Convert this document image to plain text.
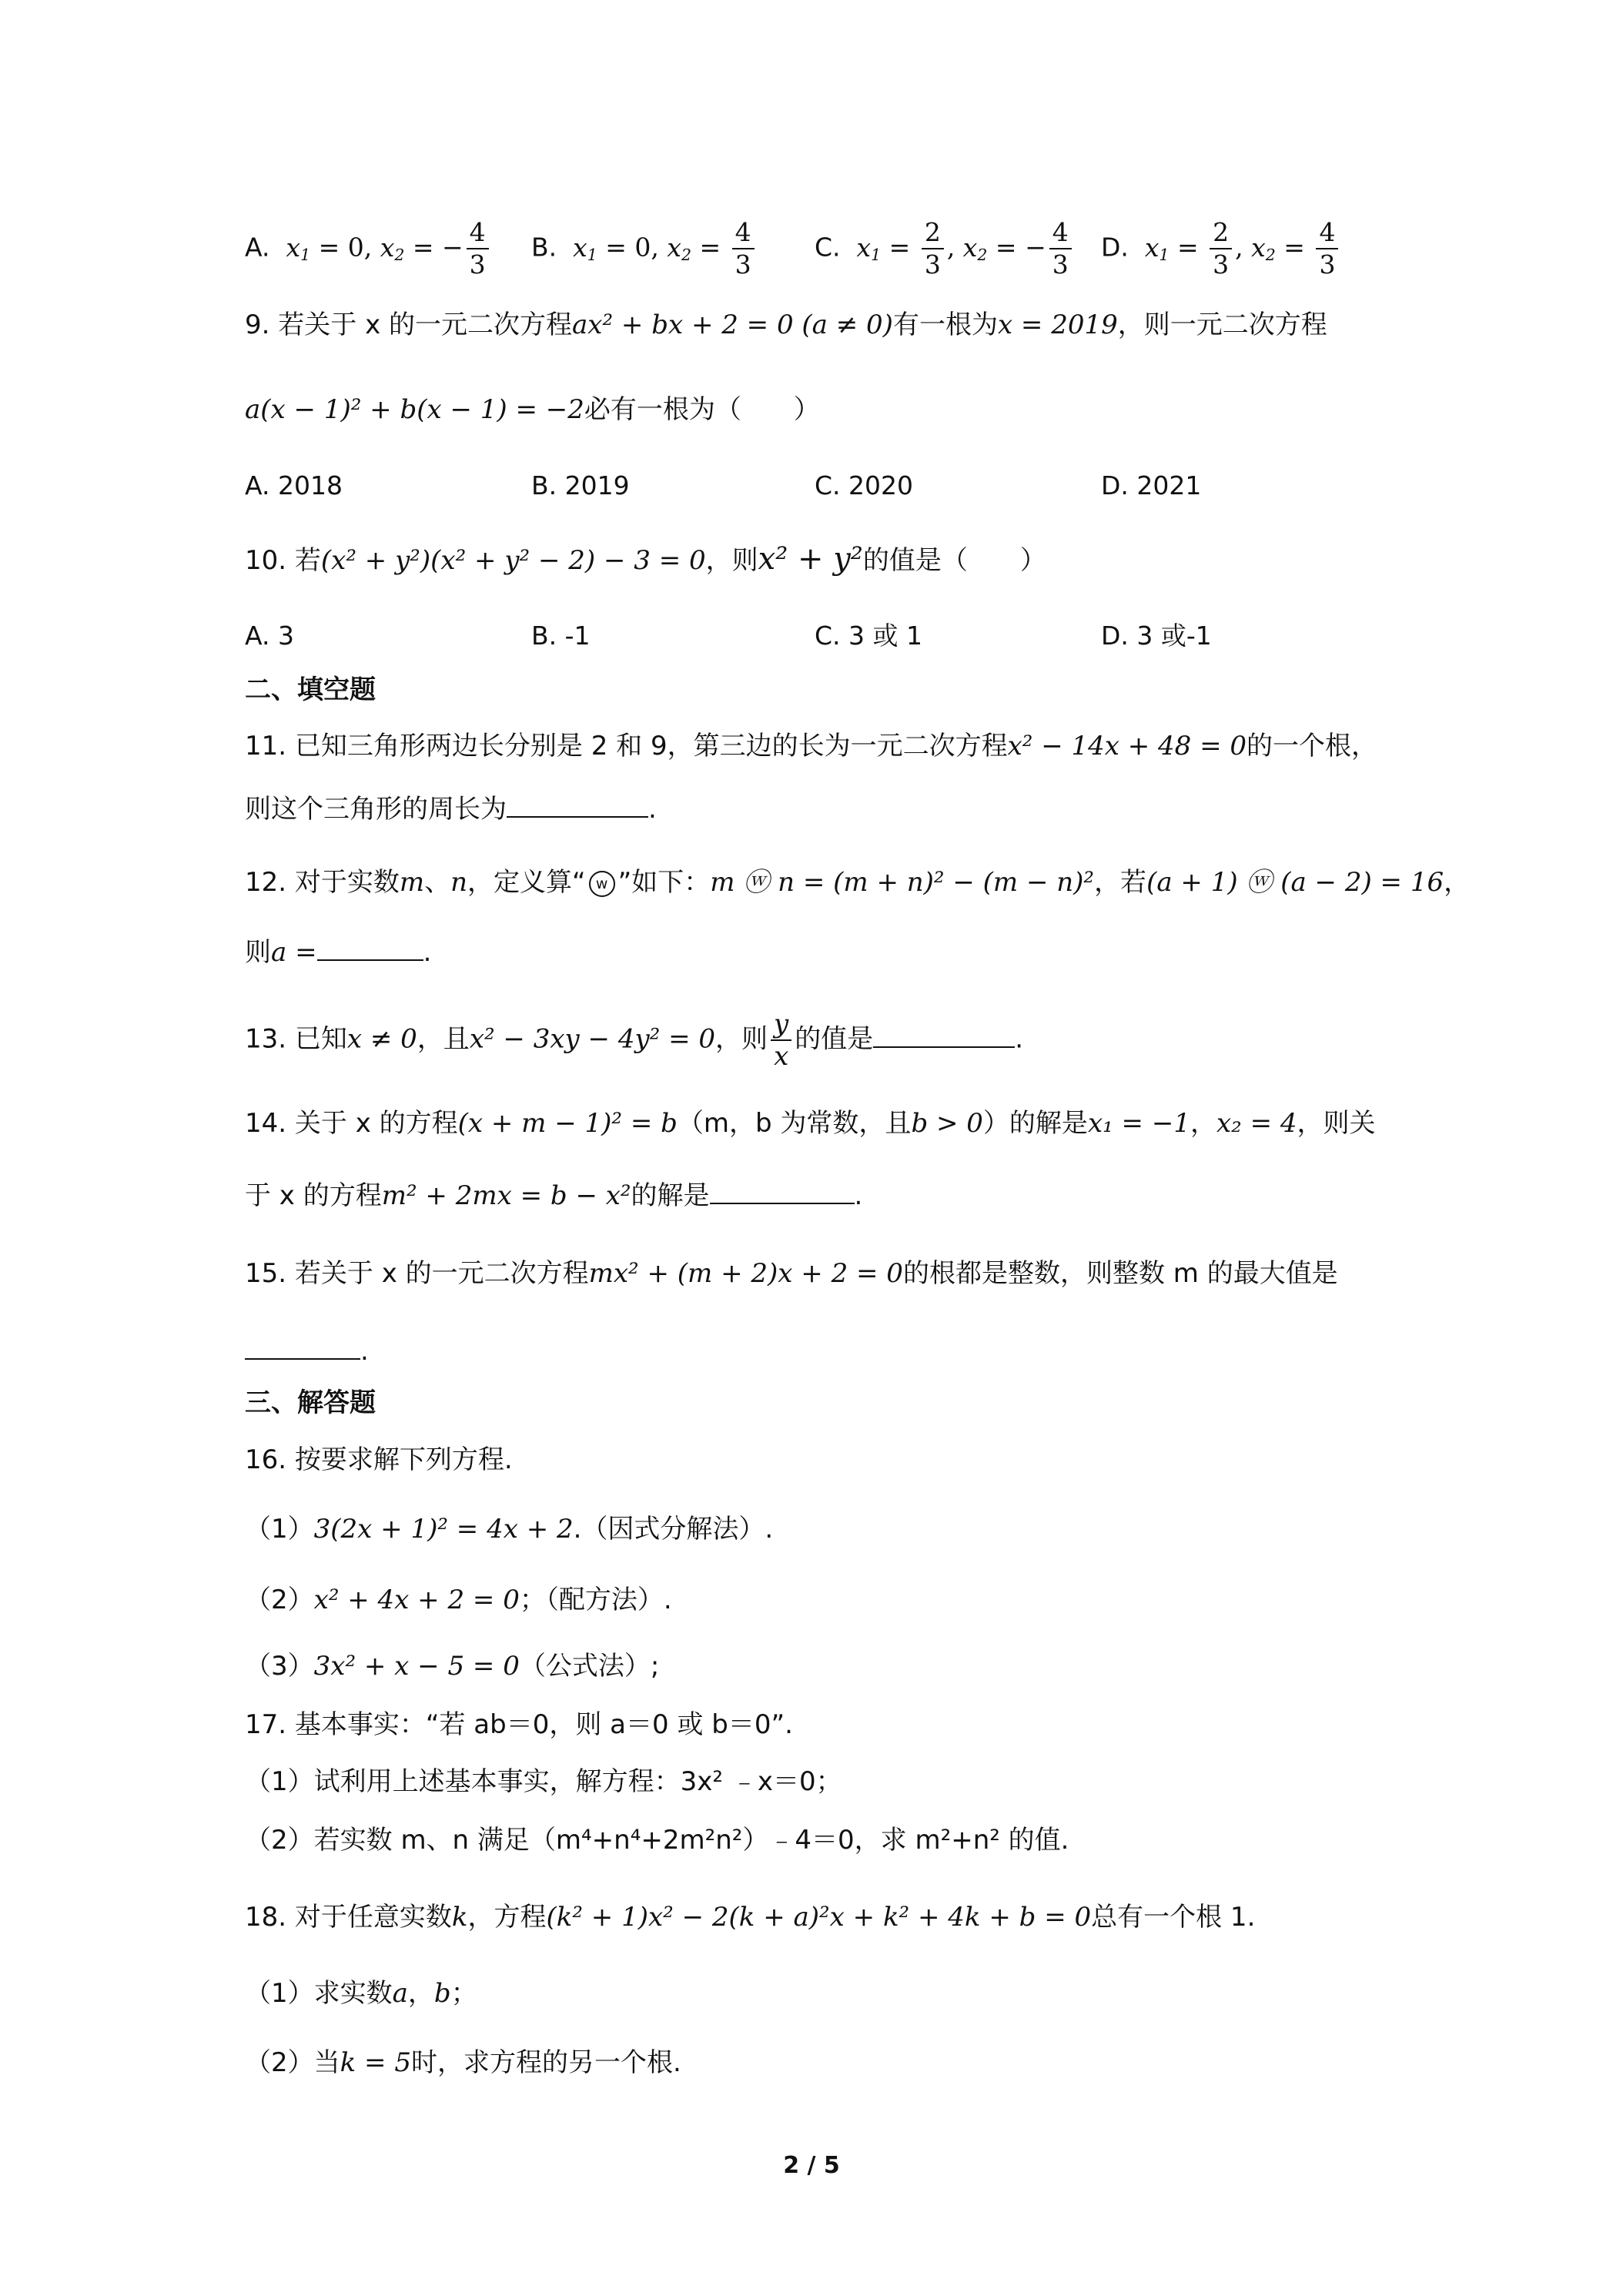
A. $x_1 = 0$, $x_2$ = − $\frac{4}{3} B$. $x_1 = 0$, $x_2 = \frac{4}{3} C$. $x_1 = \frac{2}{3}$ , $x_2$ = − $\frac{4}{3} D$. $x_1 = \frac{2}{3}$ , $x_2 = \frac{4}{3}$
9. 若关于 x 的一元二次方程ax² + bx + 2 = 0 (a ≠ 0)有一根为x = 2019，则一元二次方程
a(x − 1)² + b(x − 1) = −2必有一根为（　　）
A. 2018	B. 2019	C. 2020	D. 2021
10. 若(x² + y²)(x² + y² − 2) − 3 = 0，则x² + y²的值是（　　）
A. 3	B. -1	C. 3 或 1	D. 3 或-1
二、填空题
11. 已知三角形两边长分别是 2 和 9，第三边的长为一元二次方程x² − 14x + 48 = 0的一个根，
则这个三角形的周长为	.
12. 对于实数m、n，定义算“ w ”如下：m ⓦ n = (m + n)² − (m − n)²，若(a + 1) ⓦ (a − 2) = 16，
则a =	.
13. 已知x ≠ 0，且x² − 3xy − 4y² = 0，则 $\frac{y}{x}$ 的值是	.
14. 关于 x 的方程(x + m − 1)² = b（m，b 为常数，且b > 0）的解是x₁ = −1，x₂ = 4，则关
于 x 的方程m² + 2mx = b − x²的解是	.
15. 若关于 x 的一元二次方程mx² + (m + 2)x + 2 = 0的根都是整数，则整数 m 的最大值是
.
三、解答题
16. 按要求解下列方程.
（1）3(2x + 1)² = 4x + 2.（因式分解法）.
（2）x² + 4x + 2 = 0；（配方法）.
（3）3x² + x − 5 = 0（公式法）;
17. 基本事实：“若 ab＝0，则 a＝0 或 b＝0”.
（1）试利用上述基本事实，解方程：3x² ﹣x＝0；
（2）若实数 m、n 满足（m⁴+n⁴+2m²n²）﹣4＝0，求 m²+n² 的值.
18. 对于任意实数k，方程(k² + 1)x² − 2(k + a)²x + k² + 4k + b = 0总有一个根 1.
（1）求实数a，b；
（2）当k = 5时，求方程的另一个根.
2 / 5
